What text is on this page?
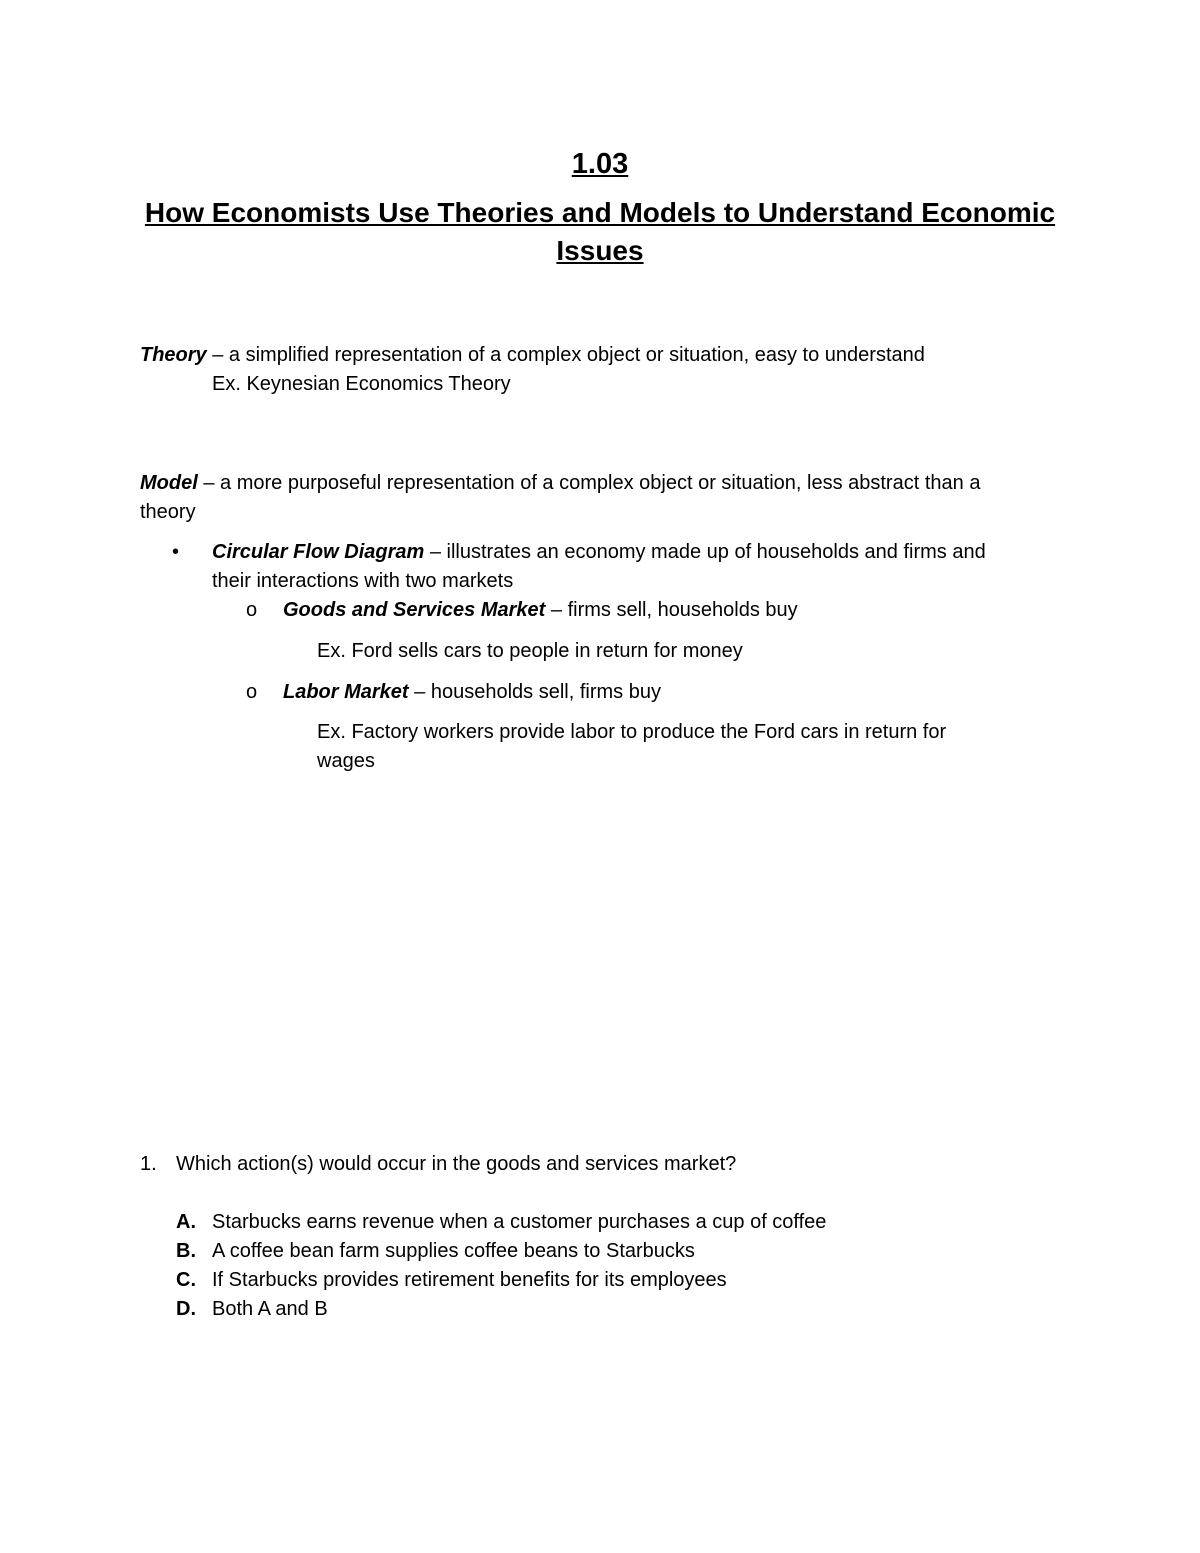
1.03
How Economists Use Theories and Models to Understand Economic
Issues
Theory – a simplified representation of a complex object or situation, easy to understand
Ex. Keynesian Economics Theory
Model – a more purposeful representation of a complex object or situation, less abstract than a
theory
• Circular Flow Diagram – illustrates an economy made up of households and firms and
their interactions with two markets
o Goods and Services Market – firms sell, households buy
Ex. Ford sells cars to people in return for money
o Labor Market – households sell, firms buy
Ex. Factory workers provide labor to produce the Ford cars in return for
wages
1. Which action(s) would occur in the goods and services market?
A. Starbucks earns revenue when a customer purchases a cup of coffee
B. A coffee bean farm supplies coffee beans to Starbucks
C. If Starbucks provides retirement benefits for its employees
D. Both A and B
